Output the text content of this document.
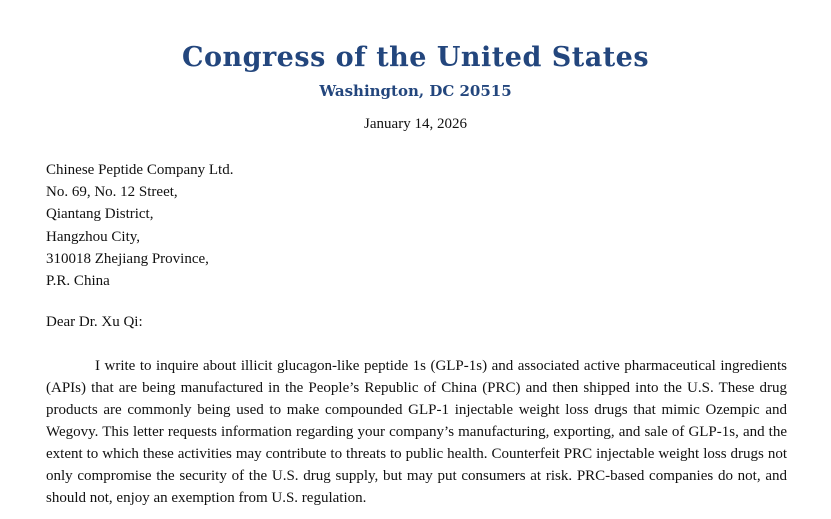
Congress of the United States
Washington, DC 20515
January 14, 2026
Chinese Peptide Company Ltd.
No. 69, No. 12 Street,
Qiantang District,
Hangzhou City,
310018 Zhejiang Province,
P.R. China
Dear Dr. Xu Qi:
I write to inquire about illicit glucagon-like peptide 1s (GLP-1s) and associated active pharmaceutical ingredients (APIs) that are being manufactured in the People’s Republic of China (PRC) and then shipped into the U.S. These drug products are commonly being used to make compounded GLP-1 injectable weight loss drugs that mimic Ozempic and Wegovy. This letter requests information regarding your company’s manufacturing, exporting, and sale of GLP-1s, and the extent to which these activities may contribute to threats to public health. Counterfeit PRC injectable weight loss drugs not only compromise the security of the U.S. drug supply, but may put consumers at risk. PRC-based companies do not, and should not, enjoy an exemption from U.S. regulation.
